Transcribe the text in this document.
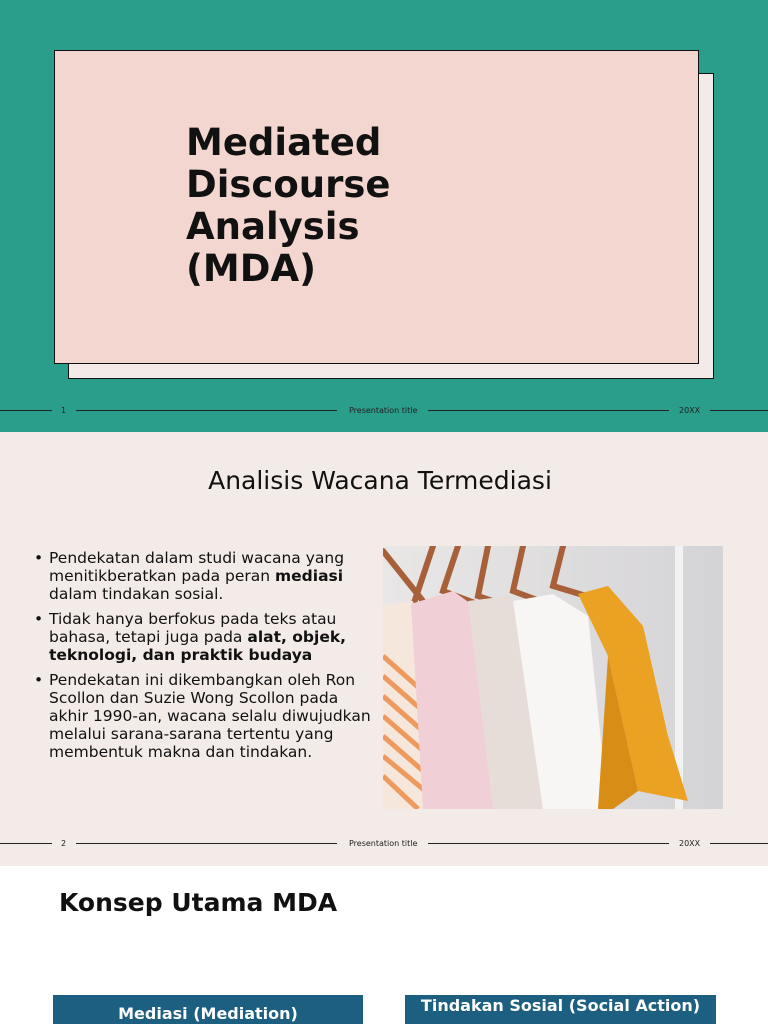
Mediated
Discourse
Analysis
(MDA)
1	Presentation title	20XX
Analisis Wacana Termediasi
• Pendekatan dalam studi wacana yang menitikberatkan pada peran mediasi dalam tindakan sosial.
• Tidak hanya berfokus pada teks atau bahasa, tetapi juga pada alat, objek, teknologi, dan praktik budaya
• Pendekatan ini dikembangkan oleh Ron Scollon dan Suzie Wong Scollon pada akhir 1990-an, wacana selalu diwujudkan melalui sarana-sarana tertentu yang membentuk makna dan tindakan.
2	Presentation title	20XX
Konsep Utama MDA
Mediasi (Mediation)	Tindakan Sosial (Social Action)
